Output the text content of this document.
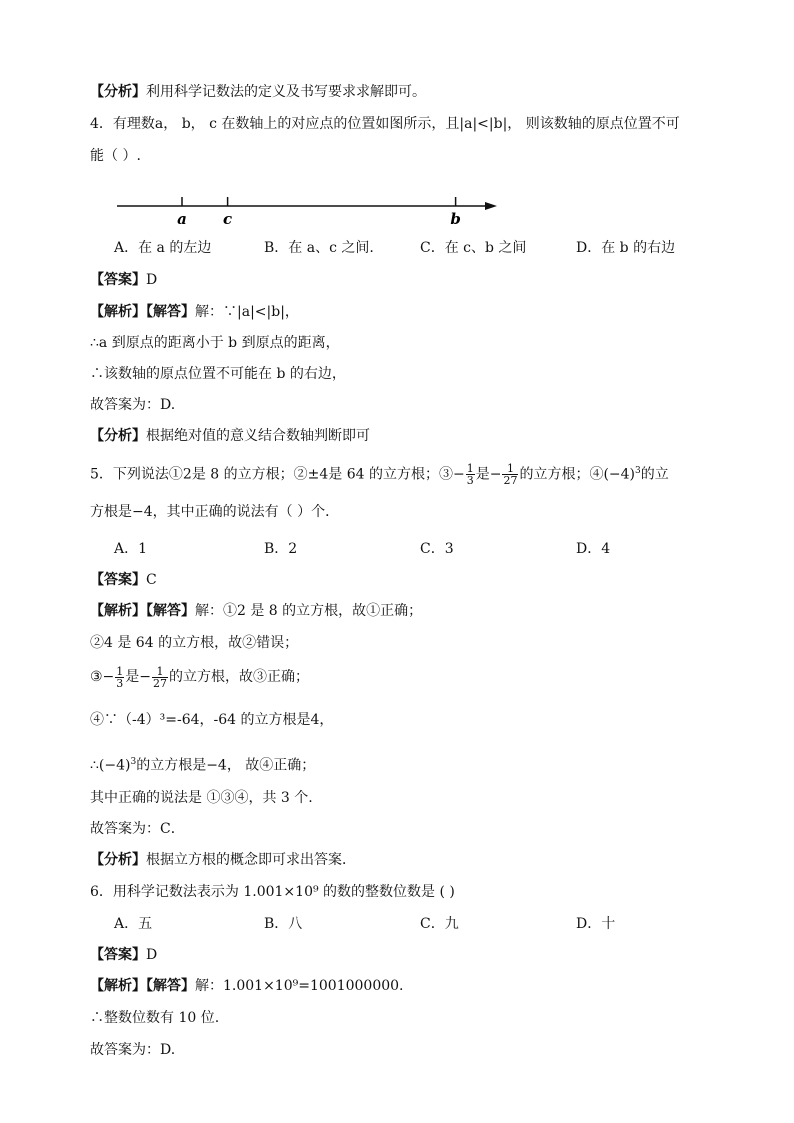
【分析】利用科学记数法的定义及书写要求求解即可。
4．有理数a， b， c 在数轴上的对应点的位置如图所示，且|a|<|b|， 则该数轴的原点位置不可
能（ ）.
a c	b
A．在 a 的左边	B．在 a、c 之间.	C．在 c、b 之间	D．在 b 的右边
【答案】D
【解析】【解答】解：∵|a|<|b|，
∴a 到原点的距离小于 b 到原点的距离，
∴该数轴的原点位置不可能在 b 的右边，
故答案为：D.
【分析】根据绝对值的意义结合数轴判断即可
5．下列说法①2是 8 的立方根；②±4是 64 的立方根；③− $\frac{1}{3}$ 是− $\frac{1}{27}$ 的立方根；$④(-4)^3$的立
方根是−4，其中正确的说法有（ ）个．
A．1	B．2	C．3	D．4
【答案】C
【解析】【解答】解：①2 是 8 的立方根，故①正确；
②4 是 64 的立方根，故②错误；
③− $\frac{1}{3}$ 是− $\frac{1}{27}$ 的立方根，故③正确；
④∵（-4）³=-64，-64 的立方根是4，
$\therefore(-4)^3$的立方根是−4， 故④正确；
其中正确的说法是 ①③④，共 3 个.
故答案为：C．
【分析】根据立方根的概念即可求出答案．
6．用科学记数法表示为 1.001×10⁹ 的数的整数位数是 ( )
A．五	B．八	C．九	D．十
【答案】D
【解析】【解答】解：1.001×10⁹=1001000000.
∴整数位数有 10 位.
故答案为：D.
